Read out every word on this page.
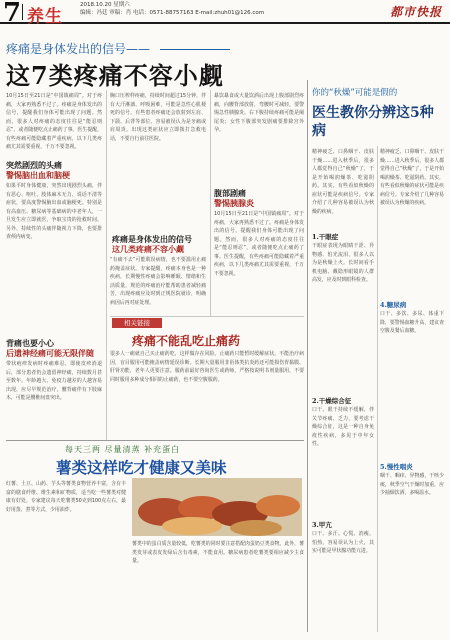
7 养生
2018.10.20 星期六
编辑：冯廷 审稿：肖 电话：0571-88757163 E-mail:zhuh01@126.com	都市快报
疼痛是身体发出的信号——
这7类疼痛不容小觑
10月15日至21日是“中国镇痛周”。对于疼痛，大家再熟悉不过了。疼痛是身体发出的信号，提醒我们身体可能出现了问题。然而，很多人对疼痛的态度往往是“能忍则忍”，或者随便吃点止痛药了事。医生提醒，有些疼痛可能隐藏着严重疾病，以下几类疼痛尤其需要重视，千万不要忽视。
突然剧烈的头痛
警惕脑出血和脑梗
如果平时身体健康，突然出现剧烈头痛，伴有恶心、呕吐、肢体麻木无力、说话不清等症状，要高度警惕脑出血或脑梗死。特别是有高血压、糖尿病等基础病的中老年人，一旦发生应立即就医，争取宝贵的抢救时间。另外，持续性的头痛伴随视力下降，也要排查颅内病变。
背痛也要小心
后遗神经痛可能无限伴随
带状疱疹发病时疼痛难忍，即使皮疹消退后，部分患者仍会遗留神经痛，持续数月甚至数年。年龄越大、免疫力越差的人越容易出现，应尽早规范治疗。腰背痛伴有下肢麻木，可能是腰椎间盘突出。
胸口压榨样疼痛，持续时间超过15分钟，伴有大汗淋漓、呼吸困难，可能是急性心肌梗死的信号。有些患者疼痛还会放射到左肩、下颌、后背等部位，容易被误认为是牙痛或肩周炎。出现这类症状应立即拨打急救电话，不要自行前往医院。
疼痛是身体发出的信号
这几类疼痛不容小觑
“有痛不去”可能耽误病情，也不要滥用止痛药掩盖症状。专家提醒，疼痛本身也是一种疾病，长期慢性疼痛会影响睡眠、情绪和生活质量。规范的疼痛治疗能帮助患者减轻痛苦，出现疼痛应及时到正规医院就诊，明确病因后再对症处理。
暴饮暴食或大量饮酒后出现上腹部剧烈疼痛，向腰背部放射，弯腰时可减轻，要警惕急性胰腺炎。右下腹持续疼痛可能是阑尾炎；女性下腹部突发剧痛要排除宫外孕。
腹部剧痛
警惕胰腺炎
10月15日至21日是“中国镇痛周”。对于疼痛，大家再熟悉不过了。疼痛是身体发出的信号，提醒我们身体可能出现了问题。然而，很多人对疼痛的态度往往是“能忍则忍”，或者随便吃点止痛药了事。医生提醒，有些疼痛可能隐藏着严重疾病，以下几类疼痛尤其需要重视，千万不要忽视。
相关链接
疼痛不能乱吃止痛药
很多人一痛就自己买止痛药吃，这样做存在风险。止痛药只能暂时缓解症状，不能治疗病因，盲目服用可能掩盖病情延误诊断。长期大量服用非甾体类抗炎药还可能损伤胃黏膜、肝肾功能，老年人更要注意。服药前最好咨询医生或药师，严格按说明书剂量服用，不要同时服用多种成分相同的止痛药，也不要空腹服药。
每天三两 尽量清蒸 补充蛋白
薯类这样吃才健康又美味
红薯、土豆、山药、芋头等薯类食物营养丰富，含有丰富的膳食纤维、维生素和矿物质，适当吃一些薯类对健康有好处。专家建议每天吃薯类50克到100克左右，最好用蒸、煮等方式，少用油炸。
薯类中的蛋白质含量较低，吃薯类的同时要注意搭配肉蛋奶豆类食物。此外，薯类发芽或表皮发绿后含有毒素，不能食用。糖尿病患者吃薯类要相应减少主食量。
你的“秋燥”可能是假的
医生教你分辨这5种病
精神疲乏、口鼻咽干、皮肤干燥……进入秋季后，很多人都觉得自己“秋燥”了，于是开始喝润燥茶、吃滋阴药。其实，有些看似秋燥的症状可能是疾病信号。专家介绍了几种容易被误认为秋燥的疾病。
1.干眼症
干眼症表现为眼睛干涩、异物感、怕光流泪，很多人以为是秋燥上火。长时间看手机电脑、戴隐形眼镜的人群高发，应及时到眼科检查。
2.干燥综合征
口干、眼干持续不缓解，伴关节疼痛、乏力，要考虑干燥综合征，这是一种自身免疫性疾病，多见于中年女性。
3.甲亢
口干、多汗、心慌、消瘦、怕热，容易误认为上火，其实可能是甲状腺功能亢进。
精神疲乏、口鼻咽干、皮肤干燥……进入秋季后，很多人都觉得自己“秋燥”了，于是开始喝润燥茶、吃滋阴药。其实，有些看似秋燥的症状可能是疾病信号。专家介绍了几种容易被误认为秋燥的疾病。
4.糖尿病
口干、多饮、多尿、体重下降，要警惕血糖升高，建议查空腹及餐后血糖。
5.慢性咽炎
咽干、咽痒、异物感，干咳少痰，秋季空气干燥时加重，应少抽烟饮酒，多喝温水。
